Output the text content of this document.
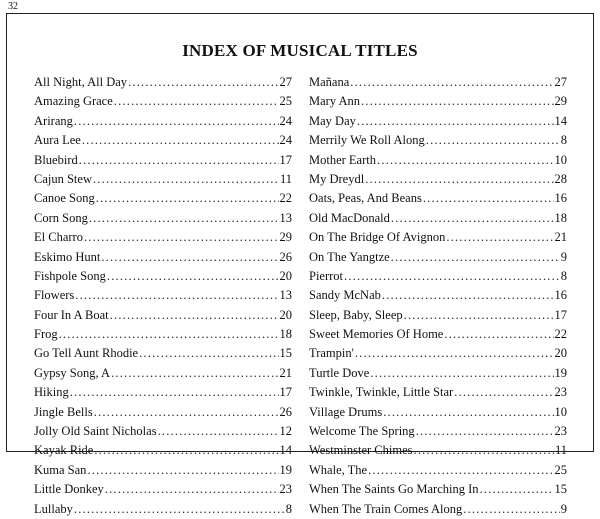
32
INDEX OF MUSICAL TITLES
All Night, All Day .....	27
Amazing Grace .....	25
Arirang .....	24
Aura Lee .....	24
Bluebird .....	17
Cajun Stew .....	11
Canoe Song .....	22
Corn Song .....	13
El Charro .....	29
Eskimo Hunt .....	26
Fishpole Song .....	20
Flowers .....	13
Four In A Boat .....	20
Frog .....	18
Go Tell Aunt Rhodie .....	15
Gypsy Song, A .....	21
Hiking .....	17
Jingle Bells .....	26
Jolly Old Saint Nicholas .....	12
Kayak Ride .....	14
Kuma San .....	19
Little Donkey .....	23
Lullaby .....	8
Mañana .....	27
Mary Ann .....	29
May Day .....	14
Merrily We Roll Along .....	8
Mother Earth .....	10
My Dreydl .....	28
Oats, Peas, And Beans .....	16
Old MacDonald .....	18
On The Bridge Of Avignon .....	21
On The Yangtze .....	9
Pierrot .....	8
Sandy McNab .....	16
Sleep, Baby, Sleep .....	17
Sweet Memories Of Home .....	22
Trampin' .....	20
Turtle Dove .....	19
Twinkle, Twinkle, Little Star .....	23
Village Drums .....	10
Welcome The Spring .....	23
Westminster Chimes .....	11
Whale, The .....	25
When The Saints Go Marching In .....	15
When The Train Comes Along .....	9
